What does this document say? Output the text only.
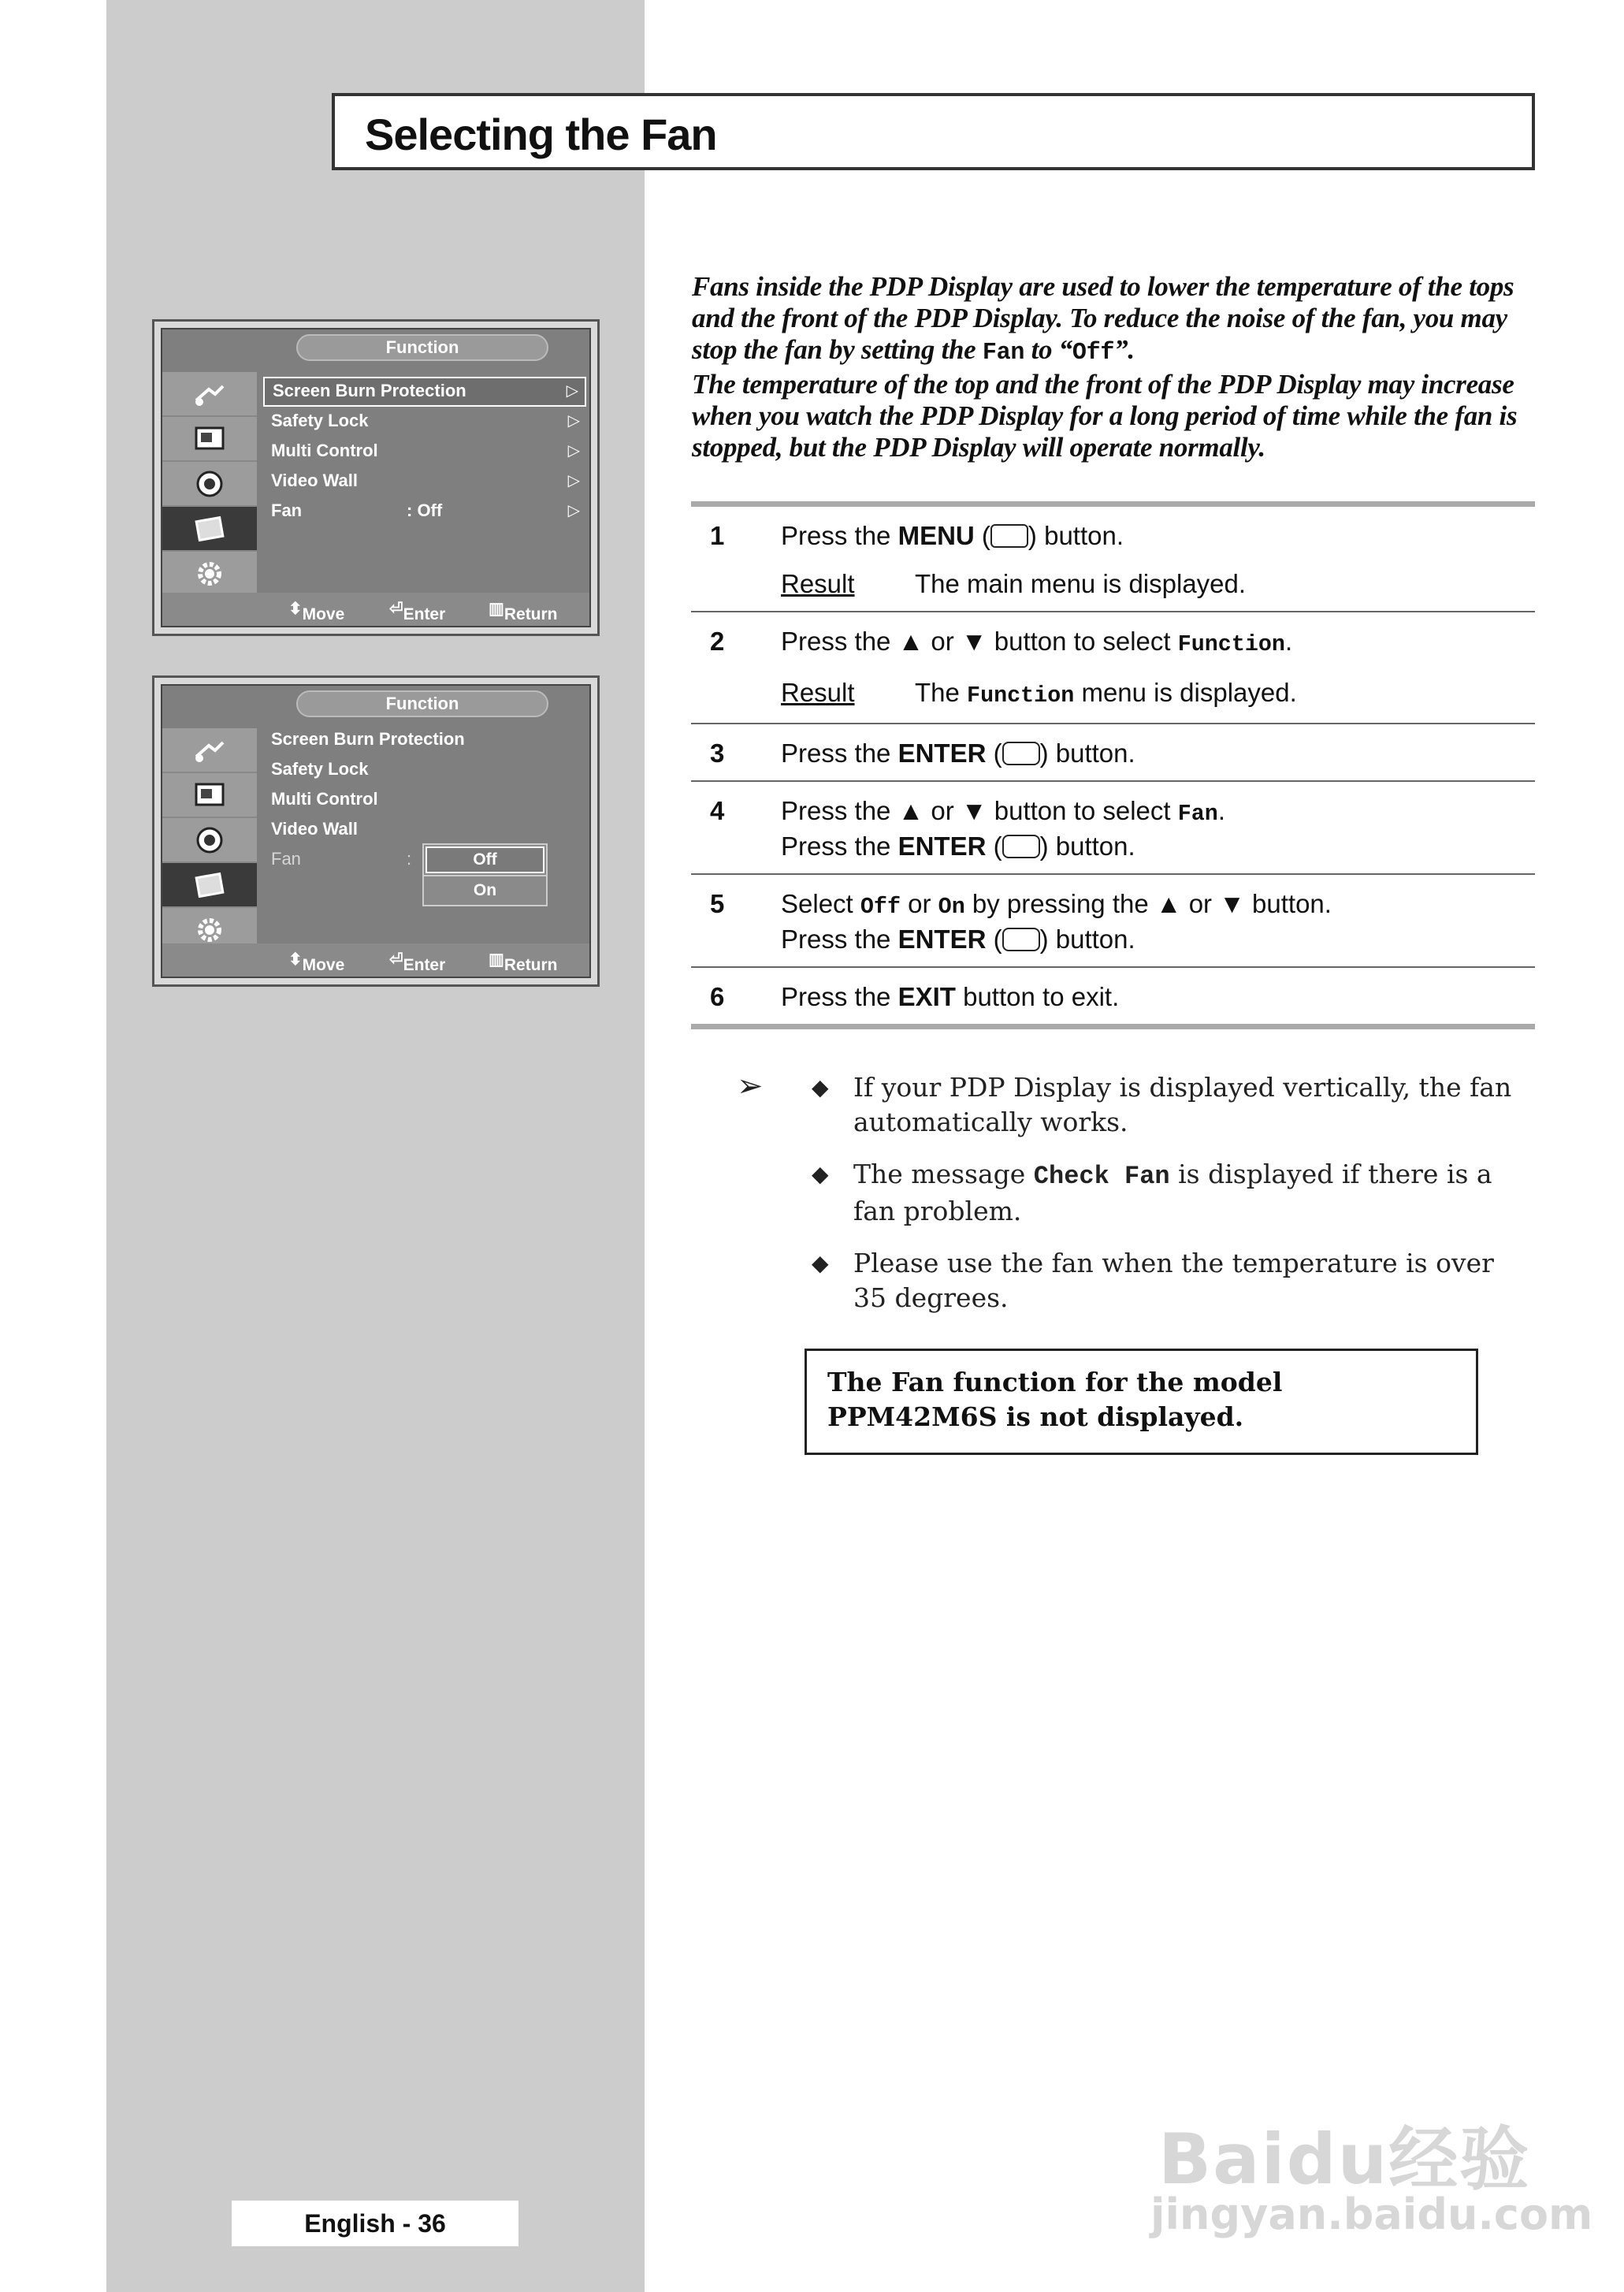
Selecting the Fan
Function
Screen Burn Protection	▷
Safety Lock	▷
Multi Control	▷
Video Wall	▷
Fan	: Off	▷
⬍ Move	⏎ Enter	▥ Return
Function
Screen Burn Protection
Safety Lock
Multi Control
Video Wall
Fan	:	Off
On
⬍ Move	⏎ Enter	▥ Return

Fans inside the PDP Display are used to lower the temperature of the tops and the front of the PDP Display. To reduce the noise of the fan, you may stop the fan by setting the Fan to “Off”.

The temperature of the top and the front of the PDP Display may increase when you watch the PDP Display for a long period of time while the fan is stopped, but the PDP Display will operate normally.

1 Press the MENU ( ) button.
Result	The main menu is displayed.
2 Press the ▲ or ▼ button to select Function.
Result	The Function menu is displayed.
3 Press the ENTER ( ) button.
4 Press the ▲ or ▼ button to select Fan.
Press the ENTER ( ) button.
5 Select Off or On by pressing the ▲ or ▼ button.
Press the ENTER ( ) button.
6 Press the EXIT button to exit.
➢ ◆ If your PDP Display is displayed vertically, the fan automatically works.
◆ The message Check Fan is displayed if there is a fan problem.
◆ Please use the fan when the temperature is over 35 degrees.
The Fan function for the model PPM42M6S is not displayed.
English - 36
Baidu经验
jingyan.baidu.com
